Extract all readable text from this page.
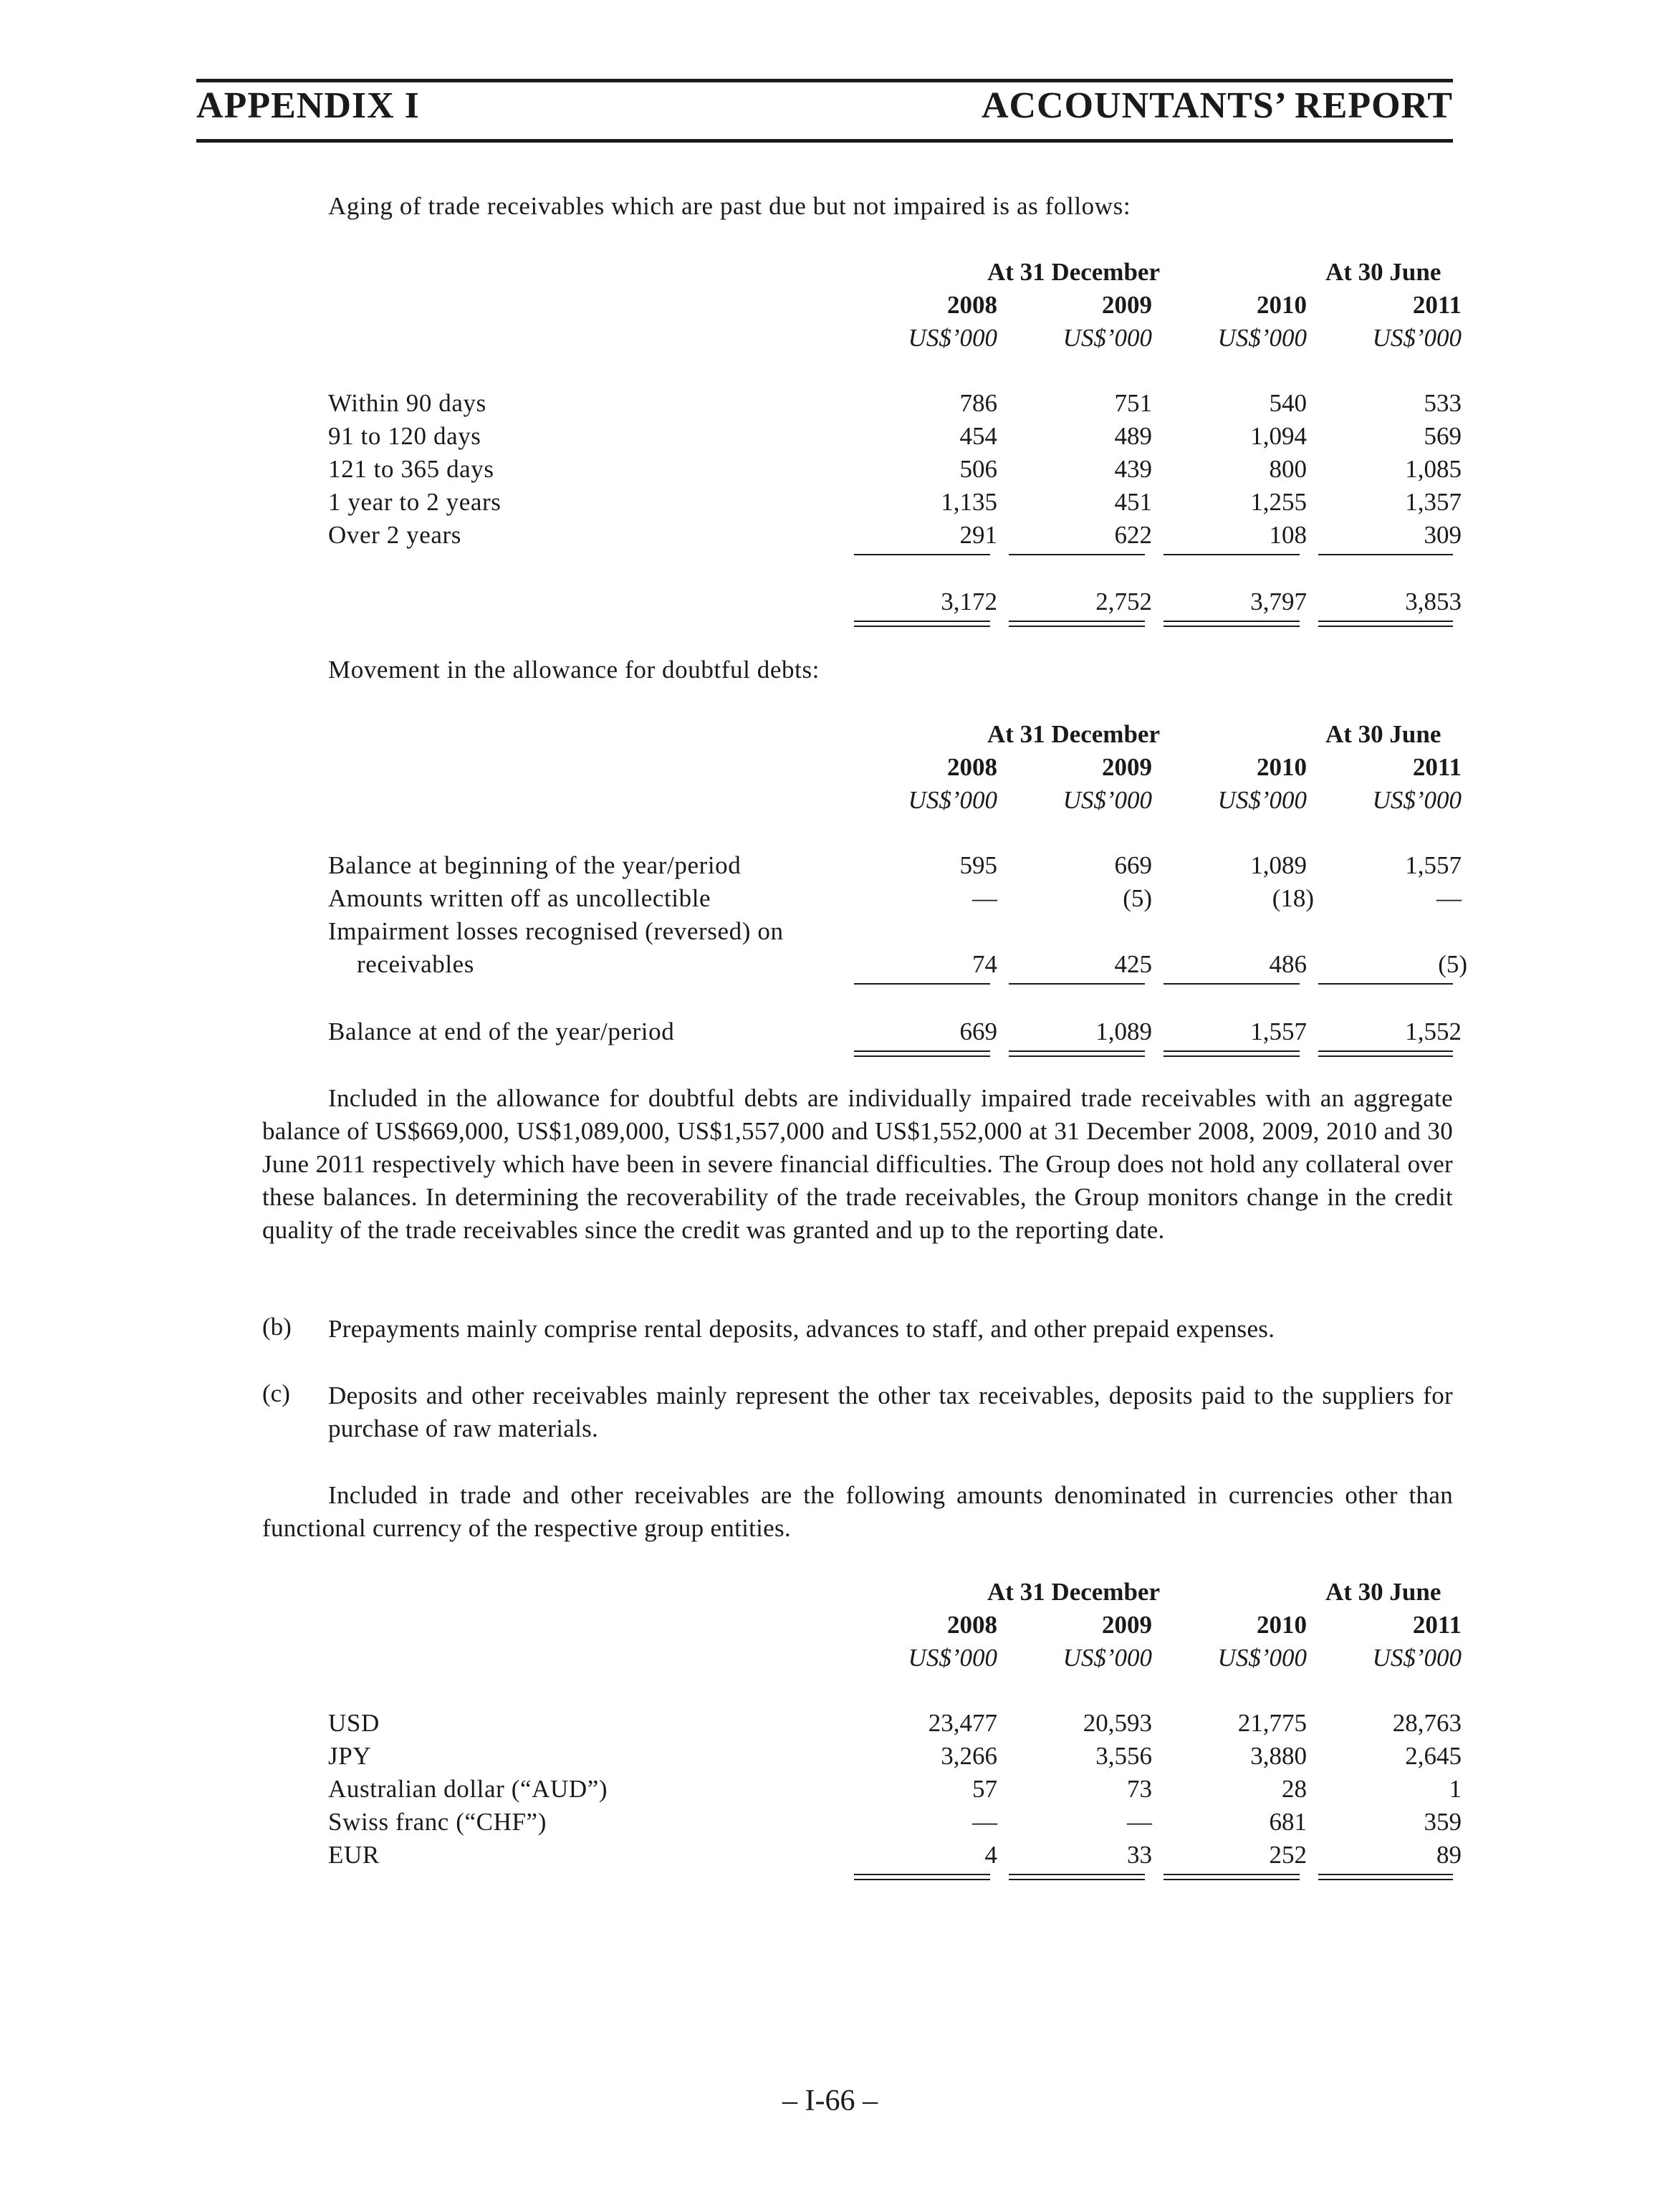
APPENDIX I	ACCOUNTANTS’ REPORT
Aging of trade receivables which are past due but not impaired is as follows:
At 31 December	At 30 June
2008	2009	2010	2011
US$’000	US$’000	US$’000	US$’000
Within 90 days	786	751	540	533
91 to 120 days	454	489	1,094	569
121 to 365 days	506	439	800	1,085
1 year to 2 years	1,135	451	1,255	1,357
Over 2 years	291	622	108	309
3,172	2,752	3,797	3,853
Movement in the allowance for doubtful debts:
At 31 December	At 30 June
2008	2009	2010	2011
US$’000	US$’000	US$’000	US$’000
Balance at beginning of the year/period	595	669	1,089	1,557
Amounts written off as uncollectible	—	(5)	(18)	—
Impairment losses recognised (reversed) on
receivables	74	425	486	(5)
Balance at end of the year/period	669	1,089	1,557	1,552
Included in the allowance for doubtful debts are individually impaired trade receivables with an aggregate balance of US$669,000, US$1,089,000, US$1,557,000 and US$1,552,000 at 31 December 2008, 2009, 2010 and 30 June 2011 respectively which have been in severe financial difficulties. The Group does not hold any collateral over these balances. In determining the recoverability of the trade receivables, the Group monitors change in the credit quality of the trade receivables since the credit was granted and up to the reporting date.
(b) Prepayments mainly comprise rental deposits, advances to staff, and other prepaid expenses.
(c) Deposits and other receivables mainly represent the other tax receivables, deposits paid to the suppliers for purchase of raw materials.
Included in trade and other receivables are the following amounts denominated in currencies other than functional currency of the respective group entities.
At 31 December	At 30 June
2008	2009	2010	2011
US$’000	US$’000	US$’000	US$’000
USD	23,477	20,593	21,775	28,763
JPY	3,266	3,556	3,880	2,645
Australian dollar (“AUD”)	57	73	28	1
Swiss franc (“CHF”)	—	—	681	359
EUR	4	33	252	89
– I-66 –
